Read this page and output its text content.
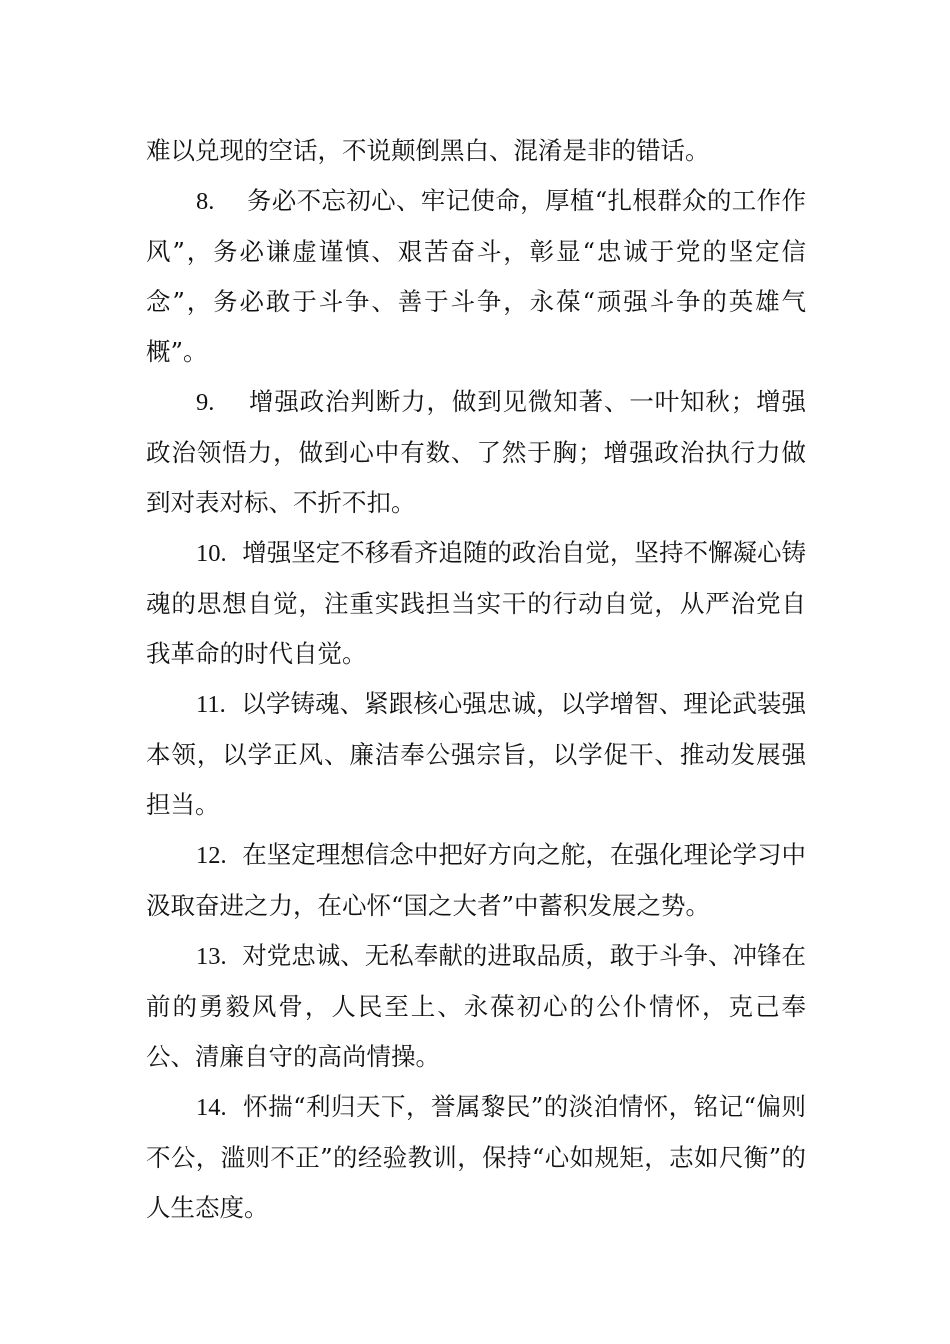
难以兑现的空话，不说颠倒黑白、混淆是非的错话。

8. 务必不忘初心、牢记使命，厚植“扎根群众的工作作风”，务必谦虚谨慎、艰苦奋斗，彰显“忠诚于党的坚定信念”，务必敢于斗争、善于斗争，永葆“顽强斗争的英雄气概”。

9. 增强政治判断力，做到见微知著、一叶知秋；增强政治领悟力，做到心中有数、了然于胸；增强政治执行力做到对表对标、不折不扣。

10. 增强坚定不移看齐追随的政治自觉，坚持不懈凝心铸魂的思想自觉，注重实践担当实干的行动自觉，从严治党自我革命的时代自觉。

11. 以学铸魂、紧跟核心强忠诚，以学增智、理论武装强本领，以学正风、廉洁奉公强宗旨，以学促干、推动发展强担当。

12. 在坚定理想信念中把好方向之舵，在强化理论学习中汲取奋进之力，在心怀“国之大者”中蓄积发展之势。

13. 对党忠诚、无私奉献的进取品质，敢于斗争、冲锋在前的勇毅风骨，人民至上、永葆初心的公仆情怀，克己奉公、清廉自守的高尚情操。

14. 怀揣“利归天下，誉属黎民”的淡泊情怀，铭记“偏则不公，滥则不正”的经验教训，保持“心如规矩，志如尺衡”的人生态度。
